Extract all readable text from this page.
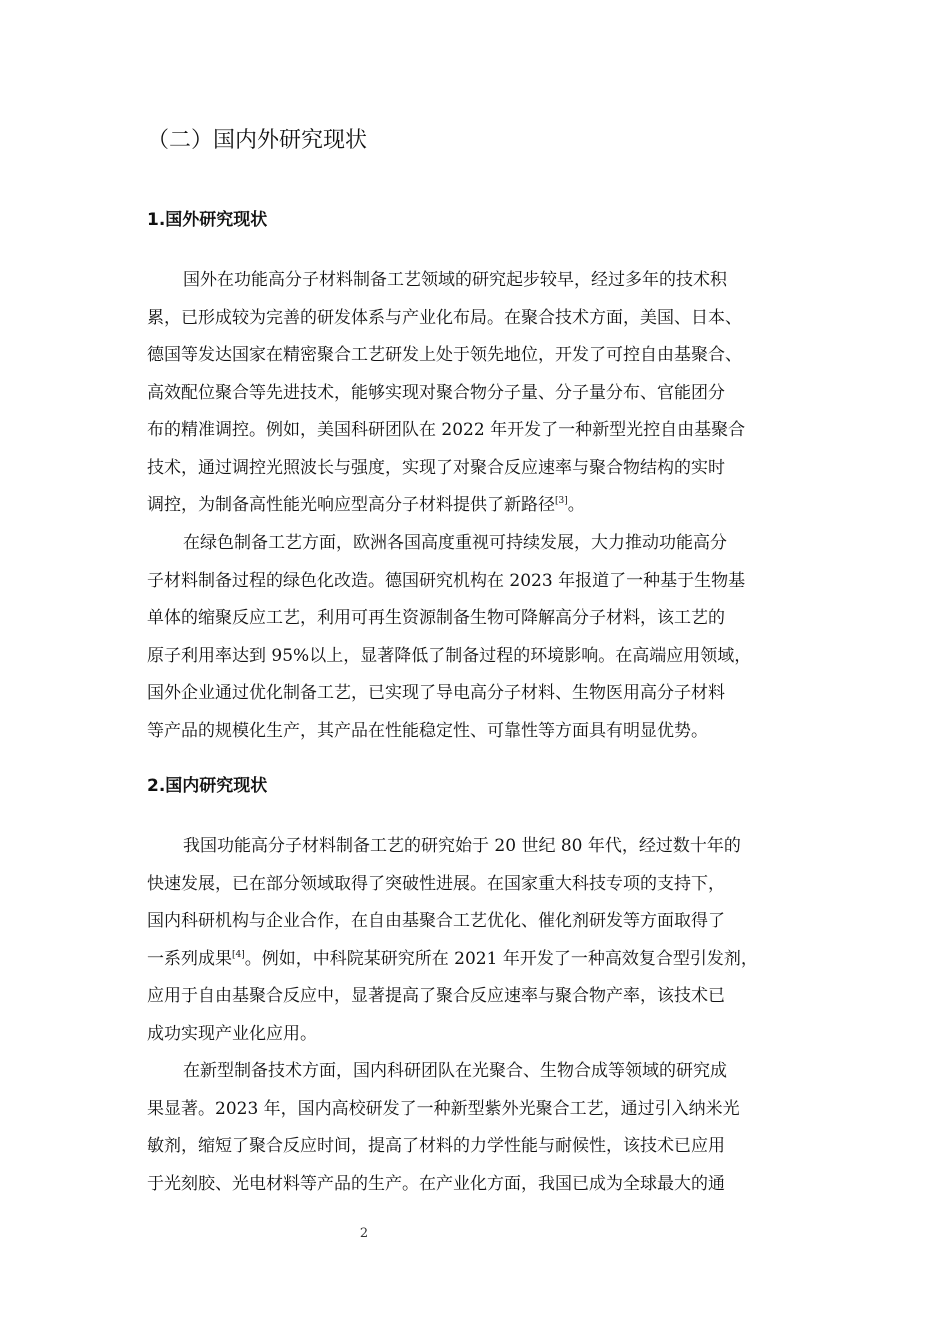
（二）国内外研究现状
1.国外研究现状

国外在功能高分子材料制备工艺领域的研究起步较早，经过多年的技术积
累，已形成较为完善的研发体系与产业化布局。在聚合技术方面，美国、日本、
德国等发达国家在精密聚合工艺研发上处于领先地位，开发了可控自由基聚合、
高效配位聚合等先进技术，能够实现对聚合物分子量、分子量分布、官能团分
布的精准调控。例如，美国科研团队在 2022 年开发了一种新型光控自由基聚合
技术，通过调控光照波长与强度，实现了对聚合反应速率与聚合物结构的实时
调控，为制备高性能光响应型高分子材料提供了新路径[3]。

在绿色制备工艺方面，欧洲各国高度重视可持续发展，大力推动功能高分
子材料制备过程的绿色化改造。德国研究机构在 2023 年报道了一种基于生物基
单体的缩聚反应工艺，利用可再生资源制备生物可降解高分子材料，该工艺的
原子利用率达到 95%以上，显著降低了制备过程的环境影响。在高端应用领域，
国外企业通过优化制备工艺，已实现了导电高分子材料、生物医用高分子材料
等产品的规模化生产，其产品在性能稳定性、可靠性等方面具有明显优势。

2.国内研究现状

我国功能高分子材料制备工艺的研究始于 20 世纪 80 年代，经过数十年的
快速发展，已在部分领域取得了突破性进展。在国家重大科技专项的支持下，
国内科研机构与企业合作，在自由基聚合工艺优化、催化剂研发等方面取得了
一系列成果[4]。例如，中科院某研究所在 2021 年开发了一种高效复合型引发剂，
应用于自由基聚合反应中，显著提高了聚合反应速率与聚合物产率，该技术已
成功实现产业化应用。

在新型制备技术方面，国内科研团队在光聚合、生物合成等领域的研究成
果显著。2023 年，国内高校研发了一种新型紫外光聚合工艺，通过引入纳米光
敏剂，缩短了聚合反应时间，提高了材料的力学性能与耐候性，该技术已应用
于光刻胶、光电材料等产品的生产。在产业化方面，我国已成为全球最大的通

2
